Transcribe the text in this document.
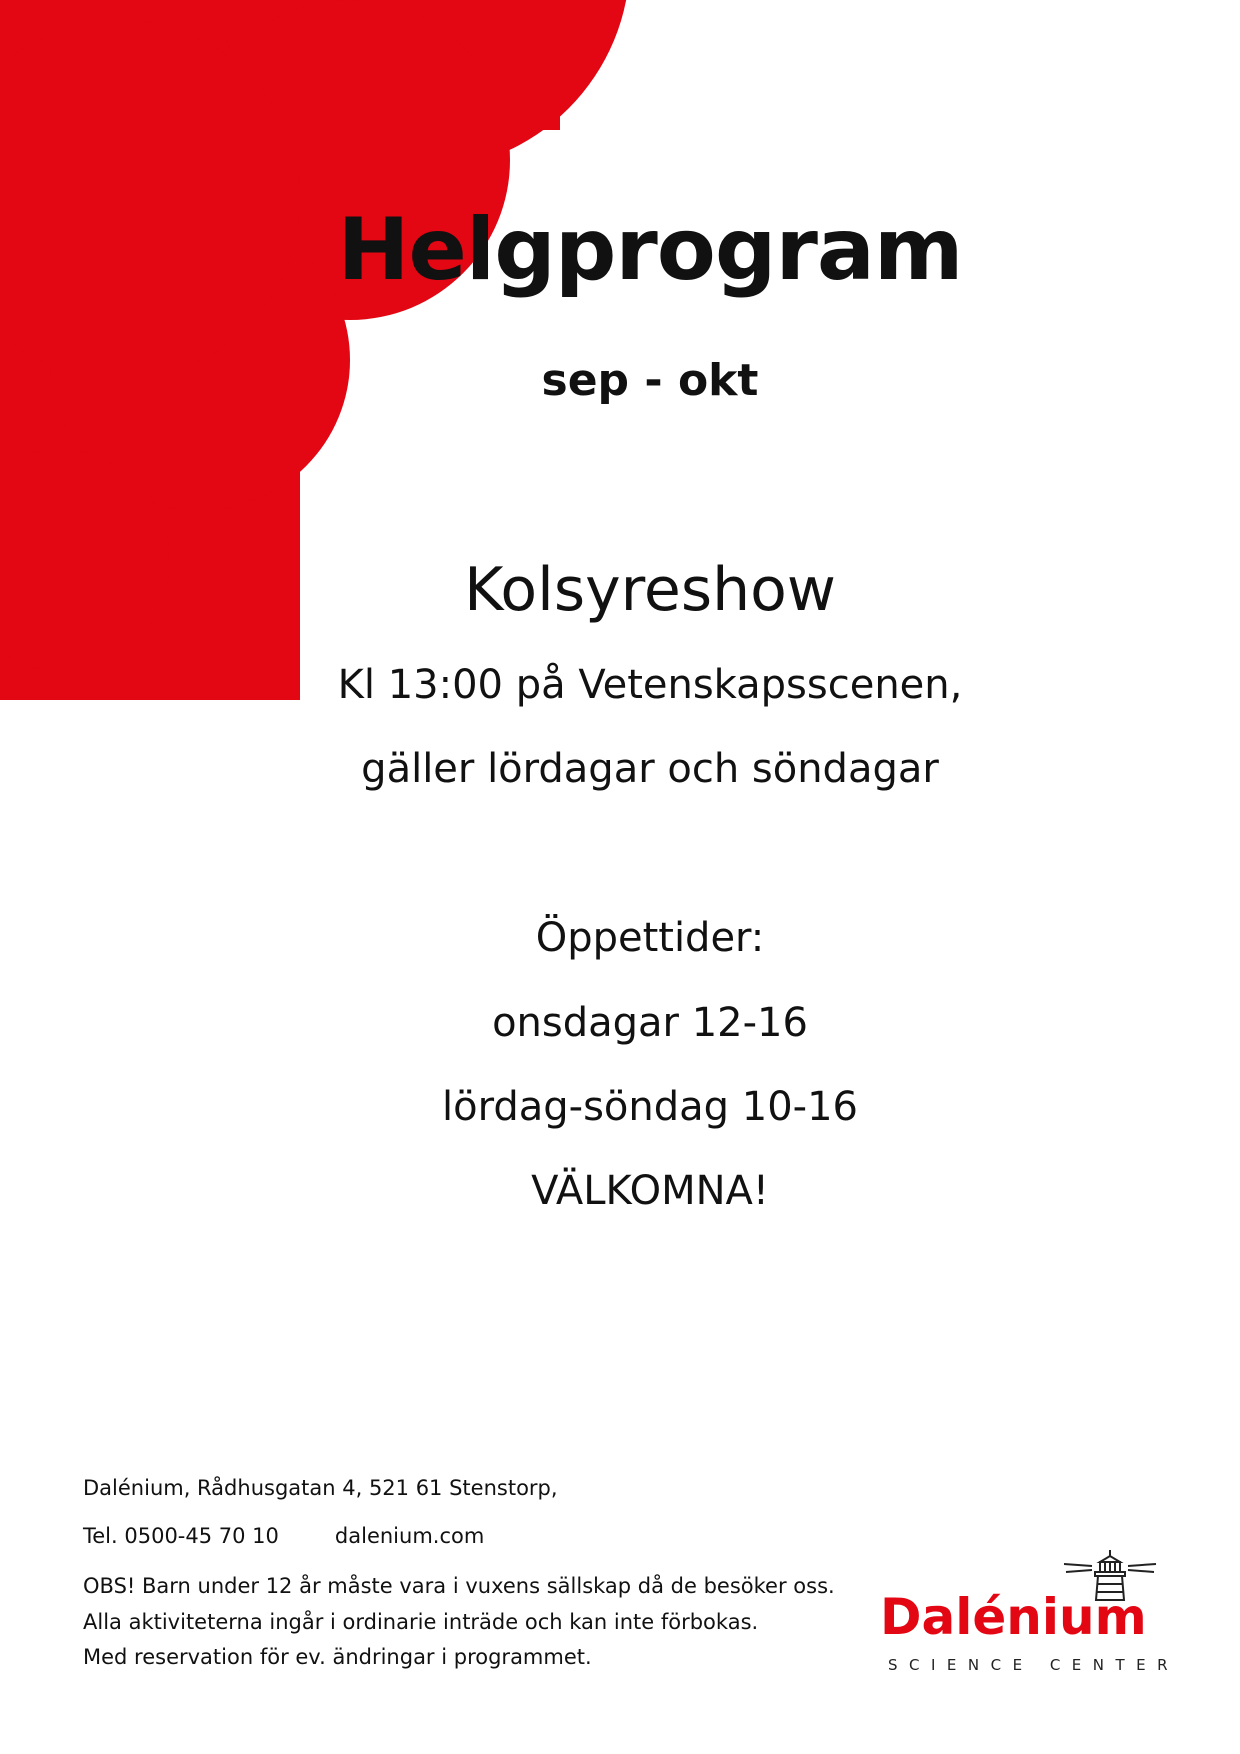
Helgprogram
sep - okt
Kolsyreshow
Kl 13:00 på Vetenskapsscenen,
gäller lördagar och söndagar
Öppettider:
onsdagar 12-16
lördag-söndag 10-16
VÄLKOMNA!
Dalénium, Rådhusgatan 4, 521 61 Stenstorp,
Tel. 0500-45 70 10	dalenium.com
OBS! Barn under 12 år måste vara i vuxens sällskap då de besöker oss.
Alla aktiviteterna ingår i ordinarie inträde och kan inte förbokas.
Med reservation för ev. ändringar i programmet.
Dalénium
SCIENCE CENTER
